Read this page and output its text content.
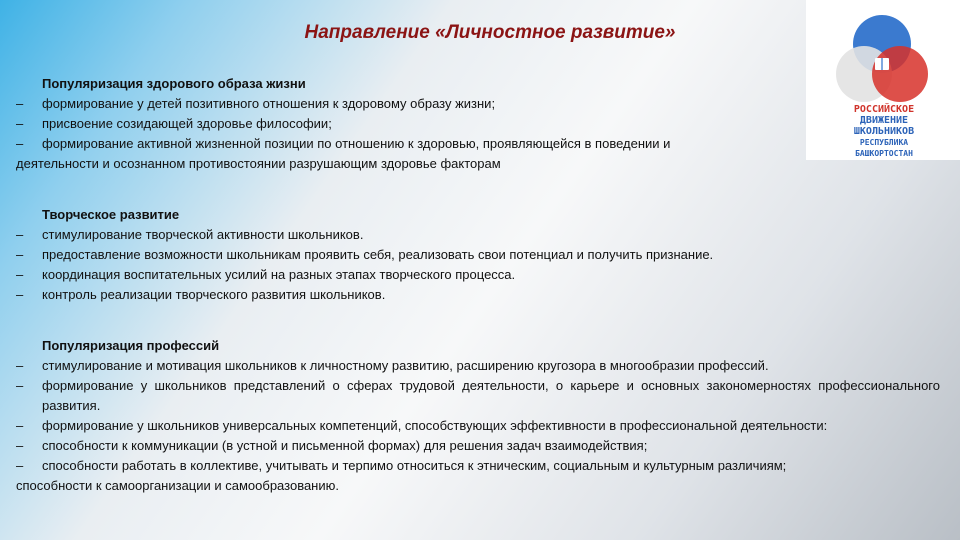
Направление «Личностное развитие»
РОССИЙСКОЕ
ДВИЖЕНИЕ ШКОЛЬНИКОВ
РЕСПУБЛИКА БАШКОРТОСТАН
Популяризация здорового образа жизни
– формирование у детей позитивного отношения к здоровому образу жизни;
– присвоение созидающей здоровье философии;
– формирование активной жизненной позиции по отношению к здоровью, проявляющейся в поведении и
деятельности и осознанном противостоянии разрушающим здоровье факторам
Творческое развитие
– стимулирование творческой активности школьников.
– предоставление возможности школьникам проявить себя, реализовать свои потенциал и получить признание.
– координация воспитательных усилий на разных этапах творческого процесса.
– контроль реализации творческого развития школьников.
Популяризация профессий
– стимулирование и мотивация школьников к личностному развитию, расширению кругозора в многообразии профессий.
– формирование у школьников представлений о сферах трудовой деятельности, о карьере и основных закономерностях профессионального развития.
– формирование у школьников универсальных компетенций, способствующих эффективности в профессиональной деятельности:
– способности к коммуникации (в устной и письменной формах) для решения задач взаимодействия;
– способности работать в коллективе, учитывать и терпимо относиться к этническим, социальным и культурным различиям;
способности к самоорганизации и самообразованию.
